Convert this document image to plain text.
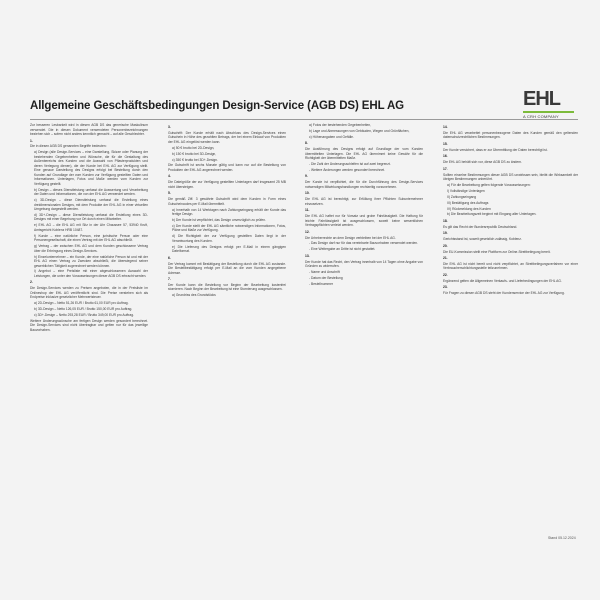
Allgemeine Geschäftsbedingungen Design-Service (AGB DS) EHL AG	EHL
A CRH COMPANY

Zur besseren Lesbarkeit wird in diesen AGB DS das generische Maskulinum verwendet. Die in diesen Dokument verwendeten Personenbezeichnungen beziehen sich – sofern nicht anders kenntlich gemacht – auf alle Geschlechter.

1.

Die in diesen AGB DS genannten Begriffe bedeuten:

a) Design (alle Design-Services – eine Darstellung, Skizze oder Planung der bestehenden Gegebenheiten und Wünsche, die für die Gestaltung des Außenbereichs des Kunden und die Auswahl von Pflasterprodukten und deren Verlegung dienen), die der Kunde bei EHL AG zur Verfügung stellt. Eine genaue Darstellung des Designs erfolgt bei Bestellung durch den Kunden auf Grundlage der vom Kunden zur Verfügung gestellten Daten und Informationen. Unterlagen, Fotos und Maße werden vom Kunden zur Verfügung gestellt.

b) Design – dieses Dienstleistung umfasst die Auswertung und Verarbeitung der Daten und Informationen, die von der EHL AG verwendet werden.

c) 3D-Design – diese Dienstleistung umfasst die Erstellung eines dreidimensionalen Designs, mit dem Produkte der EHL AG in einer virtuellen Umgebung dargestellt werden.

d) 3D+-Design – diese Dienstleistung umfasst die Erstellung eines 3D-Designs mit einer Begehung vor Ort durch einen Mitarbeiter.

e) EHL AG – die EHL AG mit Sitz in der Ahr Chaussee 57, 53940 Kruft, Amtsgericht Koblenz HRB 10487.

f) Kunde – eine natürliche Person, eine juristische Person oder eine Personengesellschaft, die einen Vertrag mit der EHL AG abschließt.

g) Vertrag – der zwischen EHL AG und dem Kunden geschlossene Vertrag über die Erbringung eines Design-Services.

h) Einzelunternehmer – ein Kunde, der eine natürliche Person ist und mit der EHL AG einen Vertrag zu Zwecken abschließt, die überwiegend seiner gewerblichen Tätigkeit zugerechnet werden können.

i) Angebot – eine Preisliste mit einer abgeschlossenen Auswahl der Leistungen, die unter den Voraussetzungen dieser AGB DS erbracht werden.

2.

Die Design-Services werden zu Preisen angeboten, die in der Preisliste im Onlineshop der EHL AG veröffentlicht sind. Die Preise verstehen sich als Endpreise inklusive gesetzlicher Mehrwertsteuer.

a) 2D-Design – Netto 51,26 EUR / Brutto 61,00 EUR pro Auftrag.

b) 3D-Design – Netto 126,05 EUR / Brutto 150,00 EUR pro Auftrag.

c) 3D+-Design – Netto 293,28 EUR / Brutto 349,00 EUR pro Auftrag.

Weitere Änderungswünsche am fertigen Design werden gesondert berechnet. Die Design-Services sind nicht übertragbar und gelten nur für das jeweilige Bauvorhaben.

3.

Gutschrift: Der Kunde erhält nach Abschluss des Design-Services einen Gutschein in Höhe des gezahlten Betrags, der bei einem Einkauf von Produkten der EHL AG eingelöst werden kann.

a) 50 € brutto bei 2D-Design,

b) 150 € brutto bei 3D-Design,

c) 350 € brutto bei 3D+-Design.

Die Gutschrift ist sechs Monate gültig und kann nur auf die Bestellung von Produkten der EHL AG angerechnet werden.

4.

Die Dateigröße der zur Verfügung gestellten Unterlagen darf insgesamt 25 MB nicht übersteigen.

5.

Die gemäß Ziff. 3 gewährte Gutschrift wird dem Kunden in Form eines Gutscheincodes per E-Mail übermittelt.

a) Innerhalb von 14 Werktagen nach Zahlungseingang erhält der Kunde das fertige Design.

b) Der Kunde ist verpflichtet, das Design unverzüglich zu prüfen.

c) Der Kunde stellt der EHL AG sämtliche notwendigen Informationen, Fotos, Pläne und Maße zur Verfügung.

d) Die Richtigkeit der zur Verfügung gestellten Daten liegt in der Verantwortung des Kunden.

e) Die Lieferung des Designs erfolgt per E-Mail in einem gängigen Dateiformat.

6.

Der Vertrag kommt mit Bestätigung der Bestellung durch die EHL AG zustande. Die Bestellbestätigung erfolgt per E-Mail an die vom Kunden angegebene Adresse.

7.

Der Kunde kann die Bestellung vor Beginn der Bearbeitung kostenfrei stornieren. Nach Beginn der Bearbeitung ist eine Stornierung ausgeschlossen.

a) Grundriss des Grundstücks

a) Fotos der bestehenden Gegebenheiten,

b) Lage und Abmessungen von Gebäuden, Wegen und Grünflächen,

c) Höhenangaben und Gefälle.

8.

Die Ausführung des Designs erfolgt auf Grundlage der vom Kunden übermittelten Unterlagen. Die EHL AG übernimmt keine Gewähr für die Richtigkeit der übermittelten Maße.

- Die Zahl der Änderungsschleifen ist auf zwei begrenzt.

- Weitere Änderungen werden gesondert berechnet.

9.

Der Kunde ist verpflichtet, die für die Durchführung des Design-Services notwendigen Mitwirkungshandlungen rechtzeitig vorzunehmen.

10.

Die EHL AG ist berechtigt, zur Erfüllung ihrer Pflichten Subunternehmer einzusetzen.

11.

Die EHL AG haftet nur für Vorsatz und grobe Fahrlässigkeit. Die Haftung für leichte Fahrlässigkeit ist ausgeschlossen, soweit keine wesentlichen Vertragspflichten verletzt werden.

12.

Die Urheberrechte an dem Design verbleiben bei der EHL AG.

- Das Design darf nur für das vereinbarte Bauvorhaben verwendet werden.

- Eine Weitergabe an Dritte ist nicht gestattet.

13.

Der Kunde hat das Recht, den Vertrag innerhalb von 14 Tagen ohne Angabe von Gründen zu widerrufen.

- Name und Anschrift

- Datum der Bestellung

- Bestellnummer

14.

Die EHL AG verarbeitet personenbezogene Daten des Kunden gemäß den geltenden datenschutzrechtlichen Bestimmungen.

15.

Der Kunde versichert, dass er zur Übermittlung der Daten berechtigt ist.

16.

Die EHL AG behält sich vor, diese AGB DS zu ändern.

17.

Sollten einzelne Bestimmungen dieser AGB DS unwirksam sein, bleibt die Wirksamkeit der übrigen Bestimmungen unberührt.

a) Für die Bearbeitung gelten folgende Voraussetzungen:

I) Vollständige Unterlagen

II) Zahlungseingang

III) Bestätigung des Auftrags

IV) Rückmeldung des Kunden

b) Die Bearbeitungszeit beginnt mit Eingang aller Unterlagen.

18.

Es gilt das Recht der Bundesrepublik Deutschland.

19.

Gerichtsstand ist, soweit gesetzlich zulässig, Koblenz.

20.

Die EU-Kommission stellt eine Plattform zur Online-Streitbeilegung bereit.

21.

Die EHL AG ist nicht bereit und nicht verpflichtet, an Streitbeilegungsverfahren vor einer Verbraucherschlichtungsstelle teilzunehmen.

22.

Ergänzend gelten die Allgemeinen Verkaufs- und Lieferbedingungen der EHL AG.

23.

Für Fragen zu diesen AGB DS steht der Kundenservice der EHL AG zur Verfügung.

Stand 05.12.2024
